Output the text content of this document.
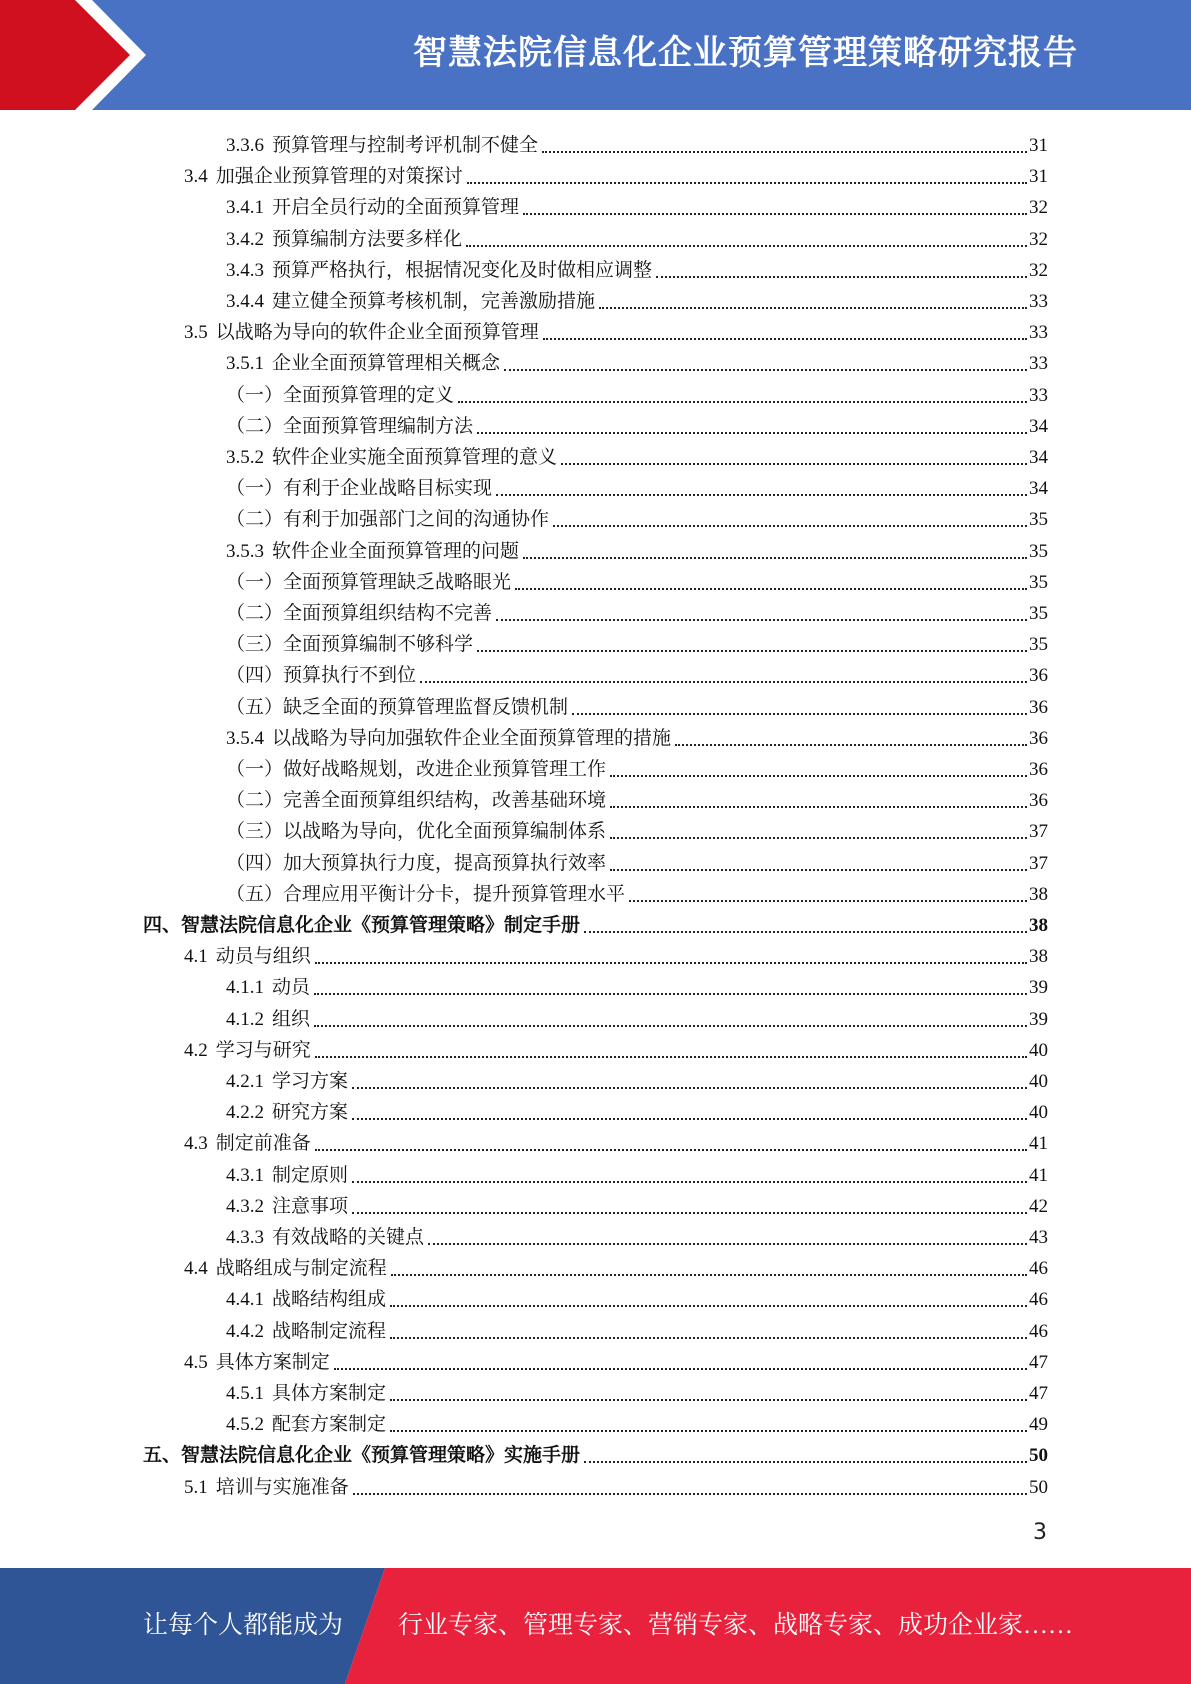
智慧法院信息化企业预算管理策略研究报告
3.3.6 预算管理与控制考评机制不健全	31
3.4 加强企业预算管理的对策探讨	31
3.4.1 开启全员行动的全面预算管理	32
3.4.2 预算编制方法要多样化	32
3.4.3 预算严格执行，根据情况变化及时做相应调整	32
3.4.4 建立健全预算考核机制，完善激励措施	33
3.5 以战略为导向的软件企业全面预算管理	33
3.5.1 企业全面预算管理相关概念	33
（一）全面预算管理的定义	33
（二）全面预算管理编制方法	34
3.5.2 软件企业实施全面预算管理的意义	34
（一）有利于企业战略目标实现	34
（二）有利于加强部门之间的沟通协作	35
3.5.3 软件企业全面预算管理的问题	35
（一）全面预算管理缺乏战略眼光	35
（二）全面预算组织结构不完善	35
（三）全面预算编制不够科学	35
（四）预算执行不到位	36
（五）缺乏全面的预算管理监督反馈机制	36
3.5.4 以战略为导向加强软件企业全面预算管理的措施	36
（一）做好战略规划，改进企业预算管理工作	36
（二）完善全面预算组织结构，改善基础环境	36
（三）以战略为导向，优化全面预算编制体系	37
（四）加大预算执行力度，提高预算执行效率	37
（五）合理应用平衡计分卡，提升预算管理水平	38
四、智慧法院信息化企业《预算管理策略》制定手册	38
4.1 动员与组织	38
4.1.1 动员	39
4.1.2 组织	39
4.2 学习与研究	40
4.2.1 学习方案	40
4.2.2 研究方案	40
4.3 制定前准备	41
4.3.1 制定原则	41
4.3.2 注意事项	42
4.3.3 有效战略的关键点	43
4.4 战略组成与制定流程	46
4.4.1 战略结构组成	46
4.4.2 战略制定流程	46
4.5 具体方案制定	47
4.5.1 具体方案制定	47
4.5.2 配套方案制定	49
五、智慧法院信息化企业《预算管理策略》实施手册	50
5.1 培训与实施准备	50
3
让每个人都能成为 行业专家、管理专家、营销专家、战略专家、成功企业家……
